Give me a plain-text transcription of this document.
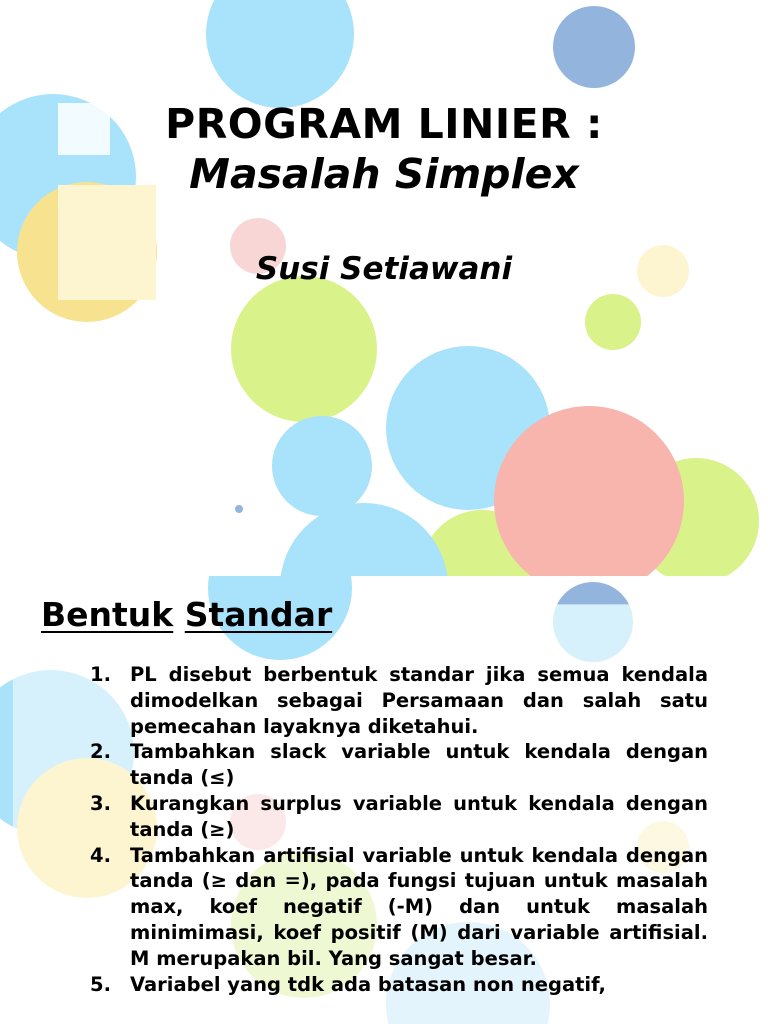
PROGRAM LINIER :
Masalah Simplex
Susi Setiawani
Bentuk Standar
1. PL disebut berbentuk standar jika semua kendala dimodelkan sebagai Persamaan dan salah satu pemecahan layaknya diketahui.
2. Tambahkan slack variable untuk kendala dengan tanda (≤)
3. Kurangkan surplus variable untuk kendala dengan tanda (≥)
4. Tambahkan artifisial variable untuk kendala dengan tanda (≥ dan =), pada fungsi tujuan untuk masalah max, koef negatif (-M) dan untuk masalah minimimasi, koef positif (M) dari variable artifisial. M merupakan bil. Yang sangat besar.
5. Variabel yang tdk ada batasan non negatif,
